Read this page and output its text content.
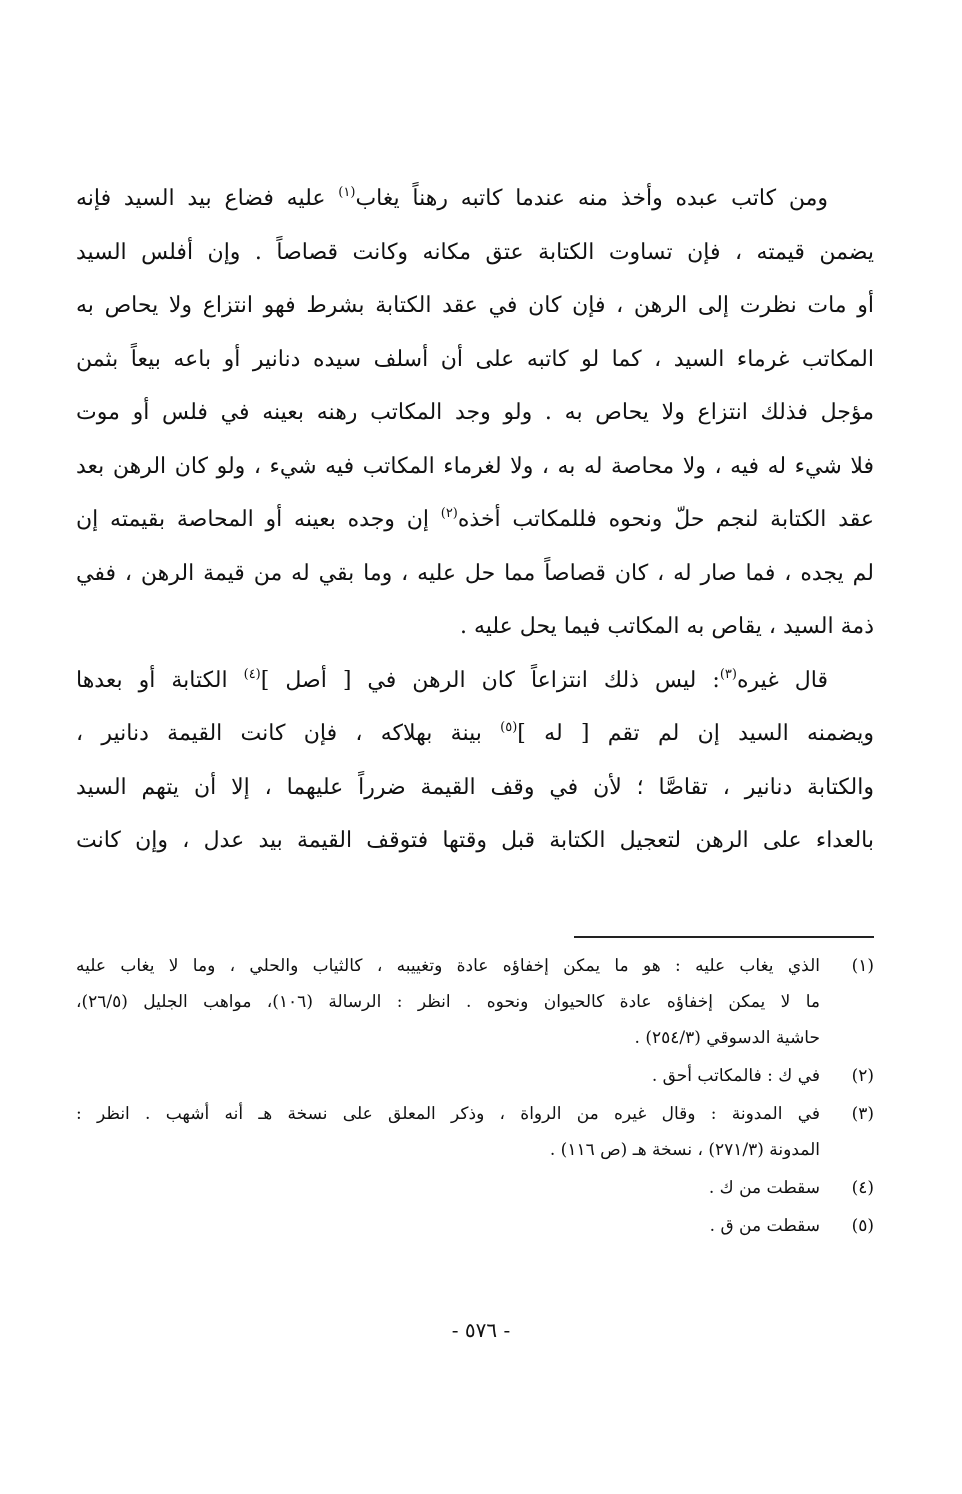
ومن كاتب عبده وأخذ منه عندما كاتبه رهناً يغاب$^{(١)}$ عليه فضاع بيد السيد فإنه
يضمن قيمته ، فإن تساوت الكتابة عتق مكانه وكانت قصاصاً . وإن أفلس السيد
أو مات نظرت إلى الرهن ، فإن كان في عقد الكتابة بشرط فهو انتزاع ولا يحاص به
المكاتب غرماء السيد ، كما لو كاتبه على أن أسلف سيده دنانير أو باعه بيعاً بثمن
مؤجل فذلك انتزاع ولا يحاص به . ولو وجد المكاتب رهنه بعينه في فلس أو موت
فلا شيء له فيه ، ولا محاصة له به ، ولا لغرماء المكاتب فيه شيء ، ولو كان الرهن بعد
عقد الكتابة لنجم حلّ ونحوه فللمكاتب أخذه$^{(٢)}$ إن وجده بعينه أو المحاصة بقيمته إن
لم يجده ، فما صار له ، كان قصاصاً مما حل عليه ، وما بقي له من قيمة الرهن ، ففي
ذمة السيد ، يقاص به المكاتب فيما يحل عليه .
قال غيره$^{(٣)}$: ليس ذلك انتزاعاً كان الرهن في [ أصل ]$^{(٤)}$ الكتابة أو بعدها
ويضمنه السيد إن لم تقم [ له ]$^{(٥)}$ بينة بهلاكه ، فإن كانت القيمة دنانير ،
والكتابة دنانير ، تقاصَّا ؛ لأن في وقف القيمة ضرراً عليهما ، إلا أن يتهم السيد
بالعداء على الرهن لتعجيل الكتابة قبل وقتها فتوقف القيمة بيد عدل ، وإن كانت
(١)
الذي يغاب عليه : هو ما يمكن إخفاؤه عادة وتغييبه ، كالثياب والحلي ، وما لا يغاب عليه
ما لا يمكن إخفاؤه عادة كالحيوان ونحوه . انظر : الرسالة (١٠٦)، مواهب الجليل (٢٦/٥)،
حاشية الدسوقي (٢٥٤/٣) .
(٢)
في ك : فالمكاتب أحق .
(٣)
في المدونة : وقال غيره من الرواة ، وذكر المعلق على نسخة هـ أنه أشهب . انظر :
المدونة (٢٧١/٣) ، نسخة هـ (ص ١١٦) .
(٤)
سقطت من ك .
(٥)
سقطت من ق .
- ٥٧٦ -
